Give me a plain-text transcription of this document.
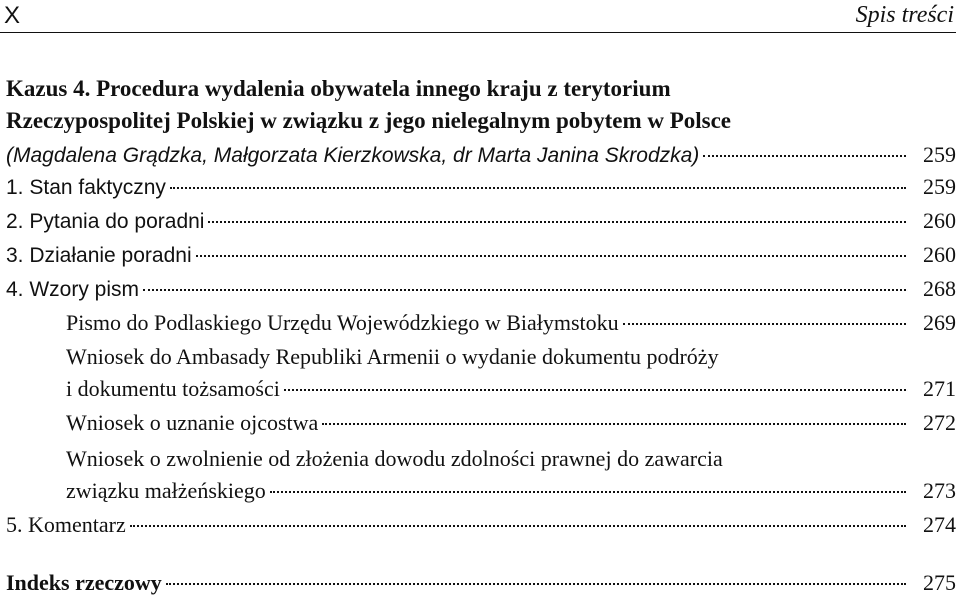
X	Spis treści
Kazus 4. Procedura wydalenia obywatela innego kraju z terytorium
Rzeczypospolitej Polskiej w związku z jego nielegalnym pobytem w Polsce
(Magdalena Grądzka, Małgorzata Kierzkowska, dr Marta Janina Skrodzka)	259
1. Stan faktyczny	259
2. Pytania do poradni	260
3. Działanie poradni	260
4. Wzory pism	268
Pismo do Podlaskiego Urzędu Wojewódzkiego w Białymstoku	269
Wniosek do Ambasady Republiki Armenii o wydanie dokumentu podróży
i dokumentu tożsamości	271
Wniosek o uznanie ojcostwa	272
Wniosek o zwolnienie od złożenia dowodu zdolności prawnej do zawarcia
związku małżeńskiego	273
5. Komentarz	274
Indeks rzeczowy	275
